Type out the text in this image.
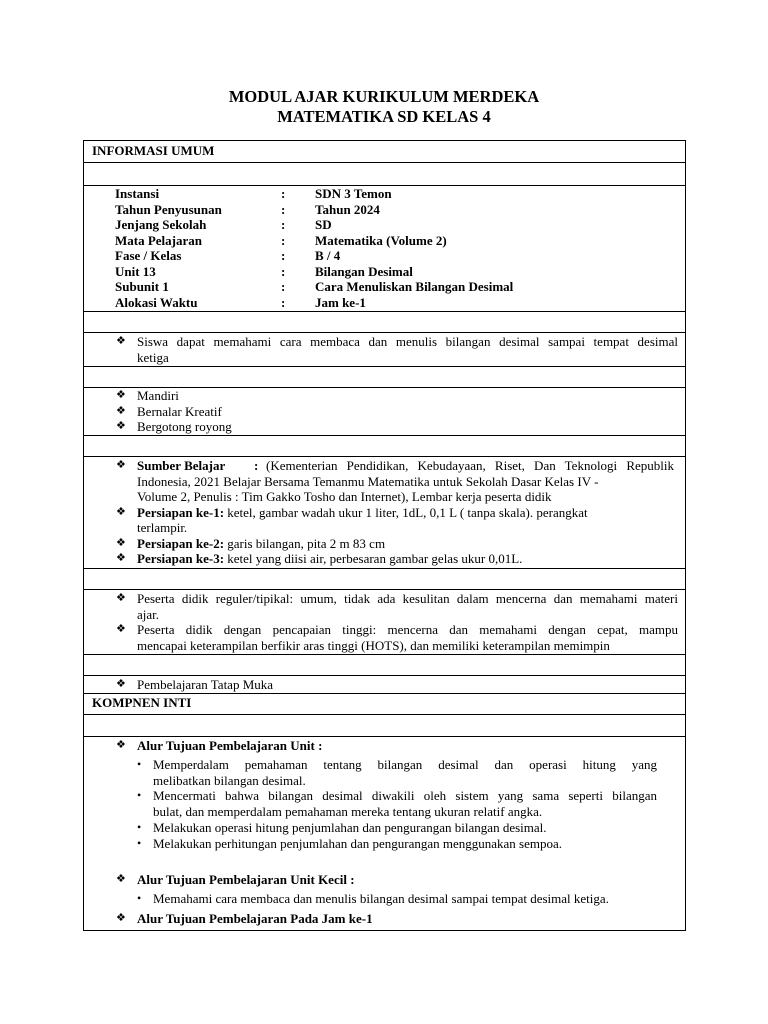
MODUL AJAR KURIKULUM MERDEKA
MATEMATIKA SD KELAS 4
INFORMASI UMUM
Instansi	: SDN 3 Temon
Tahun Penyusunan	: Tahun 2024
Jenjang Sekolah	: SD
Mata Pelajaran	: Matematika (Volume 2)
Fase / Kelas	: B / 4
Unit 13	: Bilangan Desimal
Subunit 1	: Cara Menuliskan Bilangan Desimal
Alokasi Waktu	: Jam ke-1
❖ Siswa dapat memahami cara membaca dan menulis bilangan desimal sampai tempat desimal
ketiga
❖ Mandiri
❖ Bernalar Kreatif
❖ Bergotong royong
❖ Sumber Belajar : (Kementerian Pendidikan, Kebudayaan, Riset, Dan Teknologi Republik
Indonesia, 2021 Belajar Bersama Temanmu Matematika untuk Sekolah Dasar Kelas IV -
Volume 2, Penulis : Tim Gakko Tosho dan Internet), Lembar kerja peserta didik
❖ Persiapan ke-1: ketel, gambar wadah ukur 1 liter, 1dL, 0,1 L ( tanpa skala). perangkat
terlampir.
❖ Persiapan ke-2: garis bilangan, pita 2 m 83 cm
❖ Persiapan ke-3: ketel yang diisi air, perbesaran gambar gelas ukur 0,01L.
❖ Peserta didik reguler/tipikal: umum, tidak ada kesulitan dalam mencerna dan memahami materi
ajar.
❖ Peserta didik dengan pencapaian tinggi: mencerna dan memahami dengan cepat, mampu
mencapai keterampilan berfikir aras tinggi (HOTS), dan memiliki keterampilan memimpin
❖ Pembelajaran Tatap Muka
KOMPNEN INTI
❖ Alur Tujuan Pembelajaran Unit :
• Memperdalam pemahaman tentang bilangan desimal dan operasi hitung yang
melibatkan bilangan desimal.
• Mencermati bahwa bilangan desimal diwakili oleh sistem yang sama seperti bilangan
bulat, dan memperdalam pemahaman mereka tentang ukuran relatif angka.
• Melakukan operasi hitung penjumlahan dan pengurangan bilangan desimal.
• Melakukan perhitungan penjumlahan dan pengurangan menggunakan sempoa.
❖ Alur Tujuan Pembelajaran Unit Kecil :
• Memahami cara membaca dan menulis bilangan desimal sampai tempat desimal ketiga.
❖ Alur Tujuan Pembelajaran Pada Jam ke-1
